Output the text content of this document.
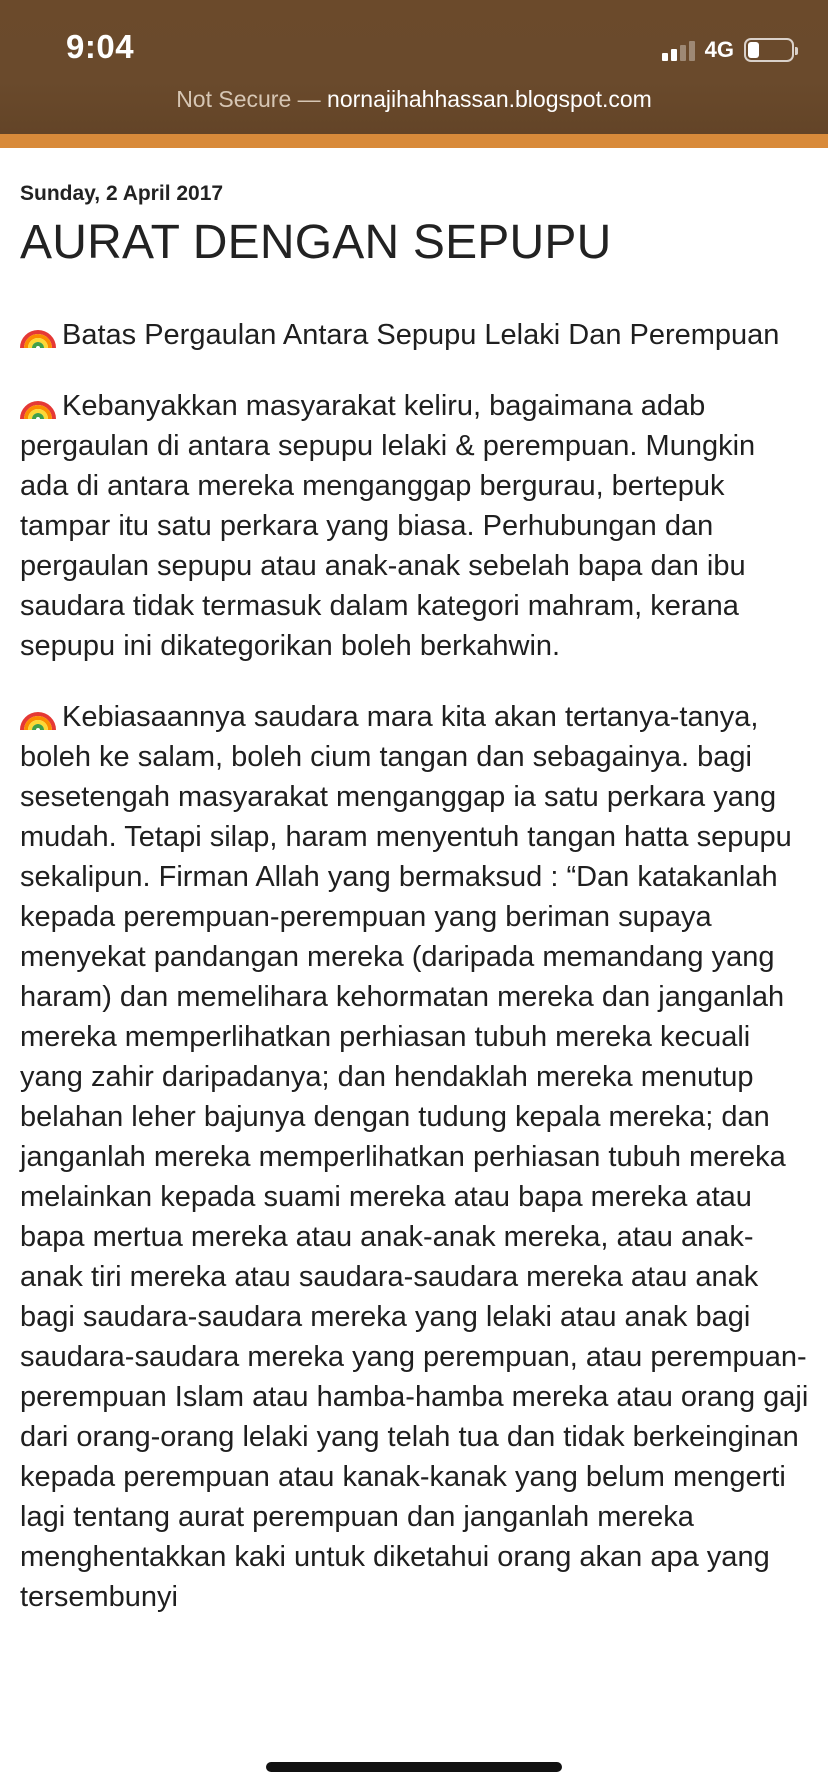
9:04	4G
Not Secure — nornajihahhassan.blogspot.com
Sunday, 2 April 2017
AURAT DENGAN SEPUPU

Batas Pergaulan Antara Sepupu Lelaki Dan Perempuan

Kebanyakkan masyarakat keliru, bagaimana adab pergaulan di antara sepupu lelaki & perempuan. Mungkin ada di antara mereka menganggap bergurau, bertepuk tampar itu satu perkara yang biasa. Perhubungan dan pergaulan sepupu atau anak-anak sebelah bapa dan ibu saudara tidak termasuk dalam kategori mahram, kerana sepupu ini dikategorikan boleh berkahwin.

Kebiasaannya saudara mara kita akan tertanya-tanya, boleh ke salam, boleh cium tangan dan sebagainya. bagi sesetengah masyarakat menganggap ia satu perkara yang mudah. Tetapi silap, haram menyentuh tangan hatta sepupu sekalipun. Firman Allah yang bermaksud : “Dan katakanlah kepada perempuan-perempuan yang beriman supaya menyekat pandangan mereka (daripada memandang yang haram) dan memelihara kehormatan mereka dan janganlah mereka memperlihatkan perhiasan tubuh mereka kecuali yang zahir daripadanya; dan hendaklah mereka menutup belahan leher bajunya dengan tudung kepala mereka; dan janganlah mereka memperlihatkan perhiasan tubuh mereka melainkan kepada suami mereka atau bapa mereka atau bapa mertua mereka atau anak-anak mereka, atau anak-anak tiri mereka atau saudara-saudara mereka atau anak bagi saudara-saudara mereka yang lelaki atau anak bagi saudara-saudara mereka yang perempuan, atau perempuan-perempuan Islam atau hamba-hamba mereka atau orang gaji dari orang-orang lelaki yang telah tua dan tidak berkeinginan kepada perempuan atau kanak-kanak yang belum mengerti lagi tentang aurat perempuan dan janganlah mereka menghentakkan kaki untuk diketahui orang akan apa yang tersembunyi
